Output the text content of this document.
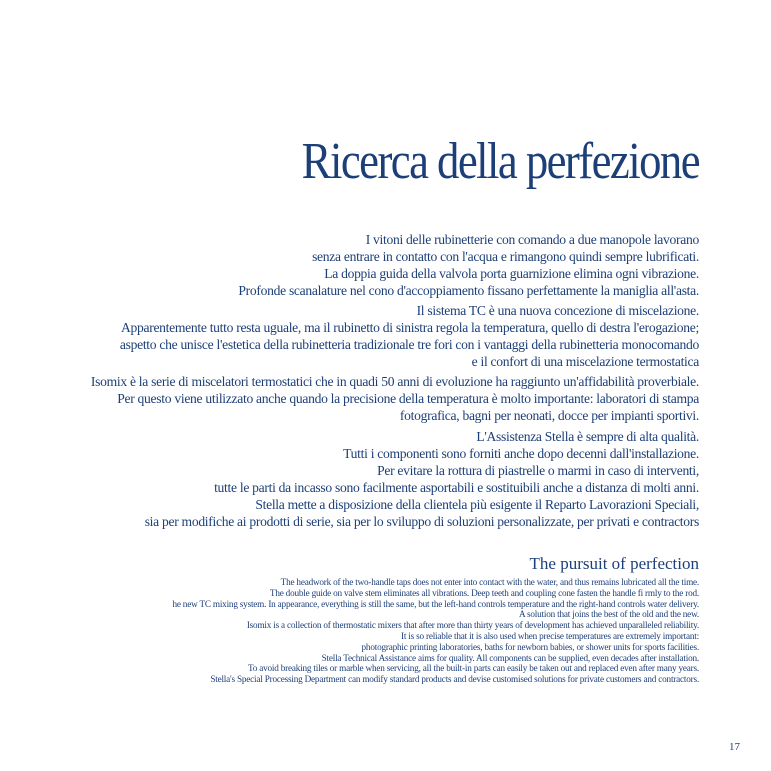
Ricerca della perfezione
I vitoni delle rubinetterie con comando a due manopole lavorano
senza entrare in contatto con l'acqua e rimangono quindi sempre lubrificati.
La doppia guida della valvola porta guarnizione elimina ogni vibrazione.
Profonde scanalature nel cono d'accoppiamento fissano perfettamente la maniglia all'asta.
Il sistema TC è una nuova concezione di miscelazione.
Apparentemente tutto resta uguale, ma il rubinetto di sinistra regola la temperatura, quello di destra l'erogazione;
aspetto che unisce l'estetica della rubinetteria tradizionale tre fori con i vantaggi della rubinetteria monocomando
e il confort di una miscelazione termostatica
Isomix è la serie di miscelatori termostatici che in quadi 50 anni di evoluzione ha raggiunto un'affidabilità proverbiale.
Per questo viene utilizzato anche quando la precisione della temperatura è molto importante: laboratori di stampa
fotografica, bagni per neonati, docce per impianti sportivi.
L'Assistenza Stella è sempre di alta qualità.
Tutti i componenti sono forniti anche dopo decenni dall'installazione.
Per evitare la rottura di piastrelle o marmi in caso di interventi,
tutte le parti da incasso sono facilmente asportabili e sostituibili anche a distanza di molti anni.
Stella mette a disposizione della clientela più esigente il Reparto Lavorazioni Speciali,
sia per modifiche ai prodotti di serie, sia per lo sviluppo di soluzioni personalizzate, per privati e contractors
The pursuit of perfection
The headwork of the two-handle taps does not enter into contact with the water, and thus remains lubricated all the time.
The double guide on valve stem eliminates all vibrations. Deep teeth and coupling cone fasten the handle fi rmly to the rod.
he new TC mixing system. In appearance, everything is still the same, but the left-hand controls temperature and the right-hand controls water delivery.
A solution that joins the best of the old and the new.
Isomix is a collection of thermostatic mixers that after more than thirty years of development has achieved unparalleled reliability.
It is so reliable that it is also used when precise temperatures are extremely important:
photographic printing laboratories, baths for newborn babies, or shower units for sports facilities.
Stella Technical Assistance aims for quality. All components can be supplied, even decades after installation.
To avoid breaking tiles or marble when servicing, all the built-in parts can easily be taken out and replaced even after many years.
Stella's Special Processing Department can modify standard products and devise customised solutions for private customers and contractors.
17
